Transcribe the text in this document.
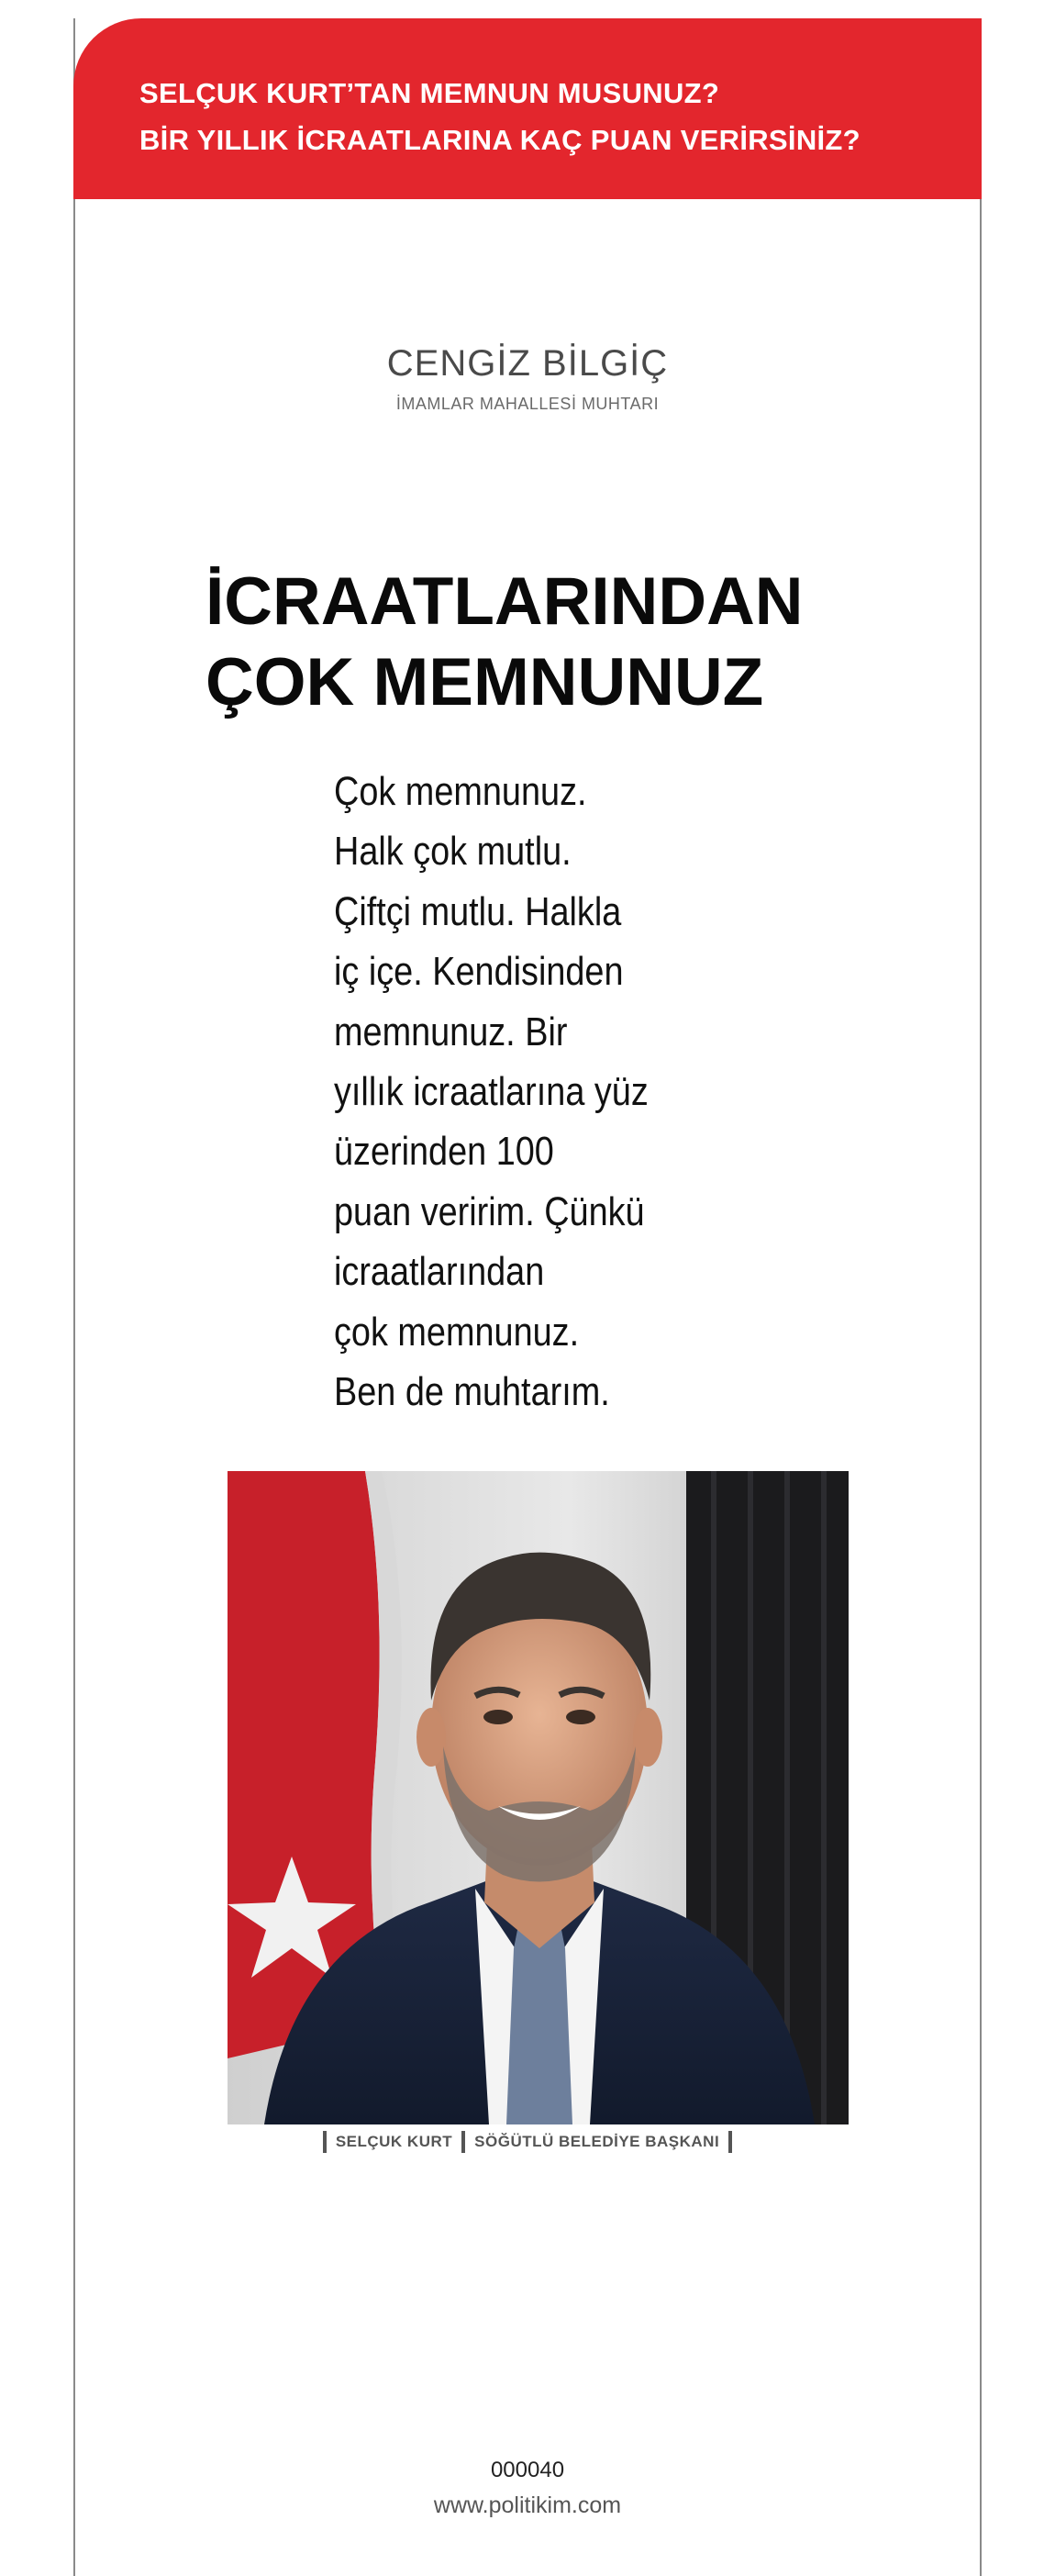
SELÇUK KURT’TAN MEMNUN MUSUNUZ?
BİR YILLIK İCRAATLARINA KAÇ PUAN VERİRSİNİZ?
CENGİZ BİLGİÇ
İMAMLAR MAHALLESİ MUHTARI
İCRAATLARINDAN
ÇOK MEMNUNUZ
Çok memnunuz.
Halk çok mutlu.
Çiftçi mutlu. Halkla
iç içe. Kendisinden
memnunuz. Bir
yıllık icraatlarına yüz
üzerinden 100
puan veririm. Çünkü
icraatlarından
çok memnunuz.
Ben de muhtarım.
SELÇUK KURT SÖĞÜTLÜ BELEDİYE BAŞKANI
000040
www.politikim.com
